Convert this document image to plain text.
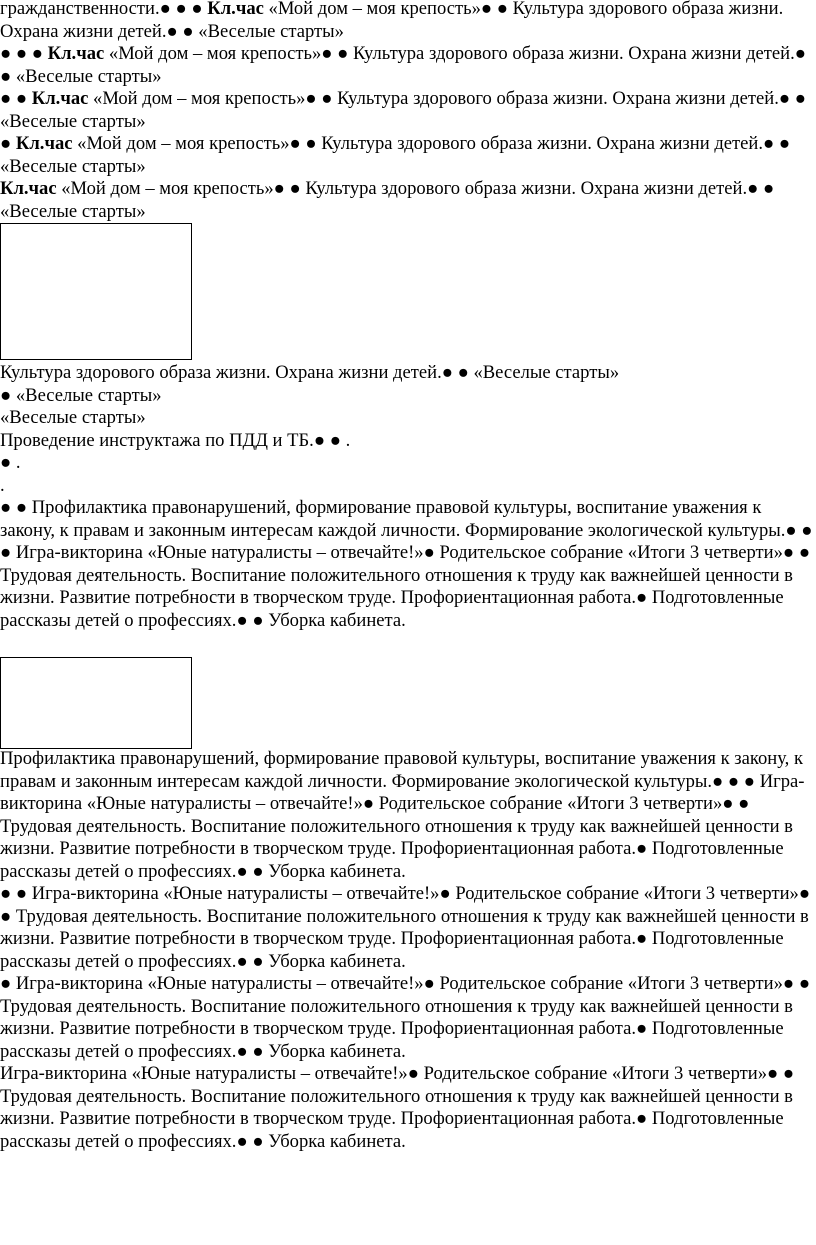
гражданственности.● ● ● Кл.час «Мой дом – моя крепость»● ● Культура здорового образа жизни. Охрана жизни детей.● ● «Веселые старты»

● ● ● Кл.час «Мой дом – моя крепость»● ● Культура здорового образа жизни. Охрана жизни детей.● ● «Веселые старты»

● ● Кл.час «Мой дом – моя крепость»● ● Культура здорового образа жизни. Охрана жизни детей.● ● «Веселые старты»

● Кл.час «Мой дом – моя крепость»● ● Культура здорового образа жизни. Охрана жизни детей.● ● «Веселые старты»

Кл.час «Мой дом – моя крепость»● ● Культура здорового образа жизни. Охрана жизни детей.● ● «Веселые старты»

Культура здорового образа жизни. Охрана жизни детей.● ● «Веселые старты»

● «Веселые старты»

«Веселые старты»

Проведение инструктажа по ПДД и ТБ.● ● .

● .

.

● ● Профилактика правонарушений, формирование правовой культуры, воспитание уважения к закону, к правам и законным интересам каждой личности. Формирование экологической культуры.● ● ● Игра-викторина «Юные натуралисты – отвечайте!»● Родительское собрание «Итоги 3 четверти»● ● Трудовая деятельность. Воспитание положительного отношения к труду как важнейшей ценности в жизни. Развитие потребности в творческом труде. Профориентационная работа.● Подготовленные рассказы детей о профессиях.● ● Уборка кабинета.

Профилактика правонарушений, формирование правовой культуры, воспитание уважения к закону, к правам и законным интересам каждой личности. Формирование экологической культуры.● ● ● Игра-викторина «Юные натуралисты – отвечайте!»● Родительское собрание «Итоги 3 четверти»● ● Трудовая деятельность. Воспитание положительного отношения к труду как важнейшей ценности в жизни. Развитие потребности в творческом труде. Профориентационная работа.● Подготовленные рассказы детей о профессиях.● ● Уборка кабинета.

● ● Игра-викторина «Юные натуралисты – отвечайте!»● Родительское собрание «Итоги 3 четверти»● ● Трудовая деятельность. Воспитание положительного отношения к труду как важнейшей ценности в жизни. Развитие потребности в творческом труде. Профориентационная работа.● Подготовленные рассказы детей о профессиях.● ● Уборка кабинета.

● Игра-викторина «Юные натуралисты – отвечайте!»● Родительское собрание «Итоги 3 четверти»● ● Трудовая деятельность. Воспитание положительного отношения к труду как важнейшей ценности в жизни. Развитие потребности в творческом труде. Профориентационная работа.● Подготовленные рассказы детей о профессиях.● ● Уборка кабинета.

Игра-викторина «Юные натуралисты – отвечайте!»● Родительское собрание «Итоги 3 четверти»● ● Трудовая деятельность. Воспитание положительного отношения к труду как важнейшей ценности в жизни. Развитие потребности в творческом труде. Профориентационная работа.● Подготовленные рассказы детей о профессиях.● ● Уборка кабинета.
